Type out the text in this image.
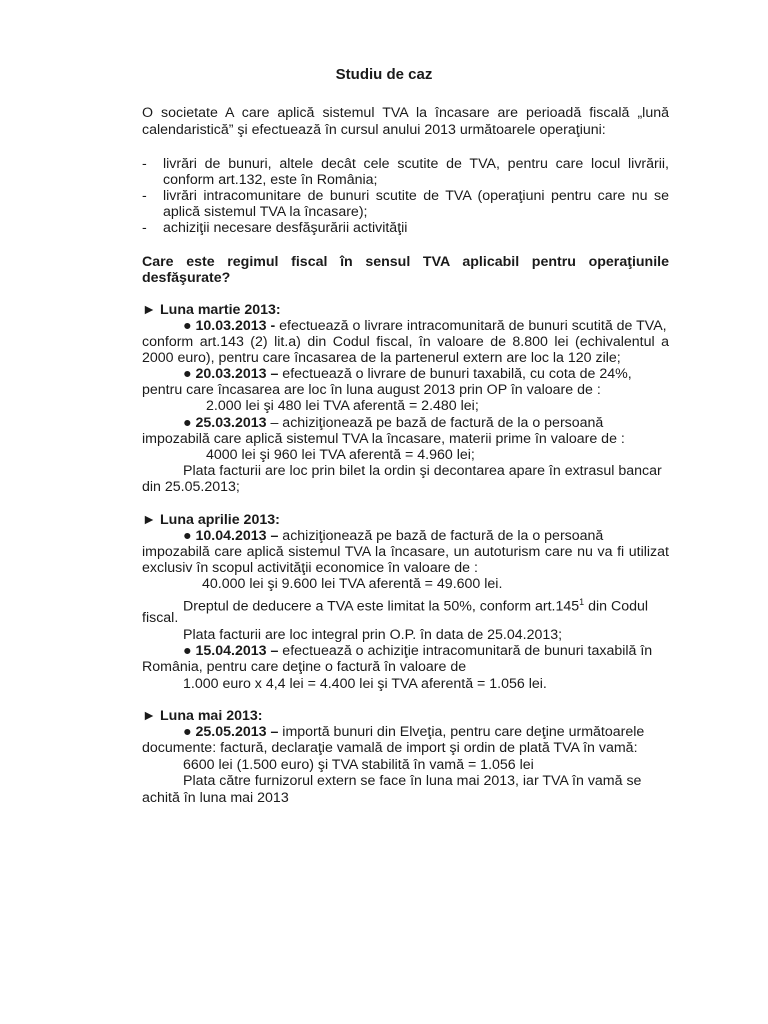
Studiu de caz
O societate A care aplică sistemul TVA la încasare are perioadă fiscală „lună
calendaristică” şi efectuează în cursul anului 2013 următoarele operaţiuni:
- livrări de bunuri, altele decât cele scutite de TVA, pentru care locul livrării,
conform art.132, este în România;
- livrări intracomunitare de bunuri scutite de TVA (operaţiuni pentru care nu se
aplică sistemul TVA la încasare);
- achiziţii necesare desfăşurării activităţii
Care este regimul fiscal în sensul TVA aplicabil pentru operaţiunile
desfăşurate?
► Luna martie 2013:
● 10.03.2013 - efectuează o livrare intracomunitară de bunuri scutită de TVA,
conform art.143 (2) lit.a) din Codul fiscal, în valoare de 8.800 lei (echivalentul a
2000 euro), pentru care încasarea de la partenerul extern are loc la 120 zile;
● 20.03.2013 – efectuează o livrare de bunuri taxabilă, cu cota de 24%,
pentru care încasarea are loc în luna august 2013 prin OP în valoare de :
2.000 lei şi 480 lei TVA aferentă = 2.480 lei;
● 25.03.2013 – achiziţionează pe bază de factură de la o persoană
impozabilă care aplică sistemul TVA la încasare, materii prime în valoare de :
4000 lei şi 960 lei TVA aferentă = 4.960 lei;
Plata facturii are loc prin bilet la ordin şi decontarea apare în extrasul bancar
din 25.05.2013;
► Luna aprilie 2013:
● 10.04.2013 – achiziţionează pe bază de factură de la o persoană
impozabilă care aplică sistemul TVA la încasare, un autoturism care nu va fi utilizat
exclusiv în scopul activităţii economice în valoare de :
40.000 lei şi 9.600 lei TVA aferentă = 49.600 lei.
Dreptul de deducere a TVA este limitat la 50%, conform art.145$^1$ din Codul
fiscal.
Plata facturii are loc integral prin O.P. în data de 25.04.2013;
● 15.04.2013 – efectuează o achiziţie intracomunitară de bunuri taxabilă în
România, pentru care deţine o factură în valoare de
1.000 euro x 4,4 lei = 4.400 lei şi TVA aferentă = 1.056 lei.
► Luna mai 2013:
● 25.05.2013 – importă bunuri din Elveţia, pentru care deţine următoarele
documente: factură, declaraţie vamală de import şi ordin de plată TVA în vamă:
6600 lei (1.500 euro) şi TVA stabilită în vamă = 1.056 lei
Plata către furnizorul extern se face în luna mai 2013, iar TVA în vamă se
achită în luna mai 2013
